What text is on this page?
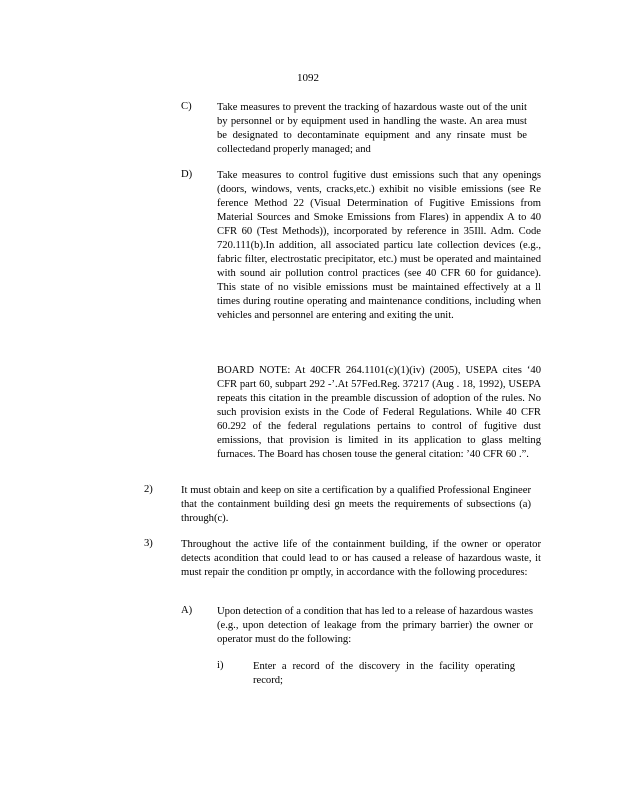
1092
C) Take measures to prevent the tracking of hazardous waste out of the unit by personnel or by equipment used in handling the waste. An area must be designated to decontaminate equipment and any rinsate must be collectedand properly managed; and

D) Take measures to control fugitive dust emissions such that any openings (doors, windows, vents, cracks,etc.) exhibit no visible emissions (see Re ference Method 22 (Visual Determination of Fugitive Emissions from Material Sources and Smoke Emissions from Flares) in appendix A to 40 CFR 60 (Test Methods)), incorporated by reference in 35Ill. Adm. Code 720.111(b).In addition, all associated particu late collection devices (e.g., fabric filter, electrostatic precipitator, etc.) must be operated and maintained with sound air pollution control practices (see 40 CFR 60 for guidance). This state of no visible emissions must be maintained effectively at a ll times during routine operating and maintenance conditions, including when vehicles and personnel are entering and exiting the unit.

BOARD NOTE: At 40CFR 264.1101(c)(1)(iv) (2005), USEPA cites ‘40 CFR part 60, subpart 292 -’.At 57Fed.Reg. 37217 (Aug . 18, 1992), USEPA repeats this citation in the preamble discussion of adoption of the rules. No such provision exists in the Code of Federal Regulations. While 40 CFR 60.292 of the federal regulations pertains to control of fugitive dust emissions, that provision is limited in its application to glass melting furnaces. The Board has chosen touse the general citation: ’40 CFR 60 .”.

2)	It must obtain and keep on site a certification by a qualified Professional Engineer that the containment building desi gn meets the requirements of subsections (a) through(c).

3)	Throughout the active life of the containment building, if the owner or operator detects acondition that could lead to or has caused a release of hazardous waste, it must repair the condition pr omptly, in accordance with the following procedures:

A) Upon detection of a condition that has led to a release of hazardous wastes (e.g., upon detection of leakage from the primary barrier) the owner or operator must do the following:

i)	Enter a record of the discovery in the facility operating record;
